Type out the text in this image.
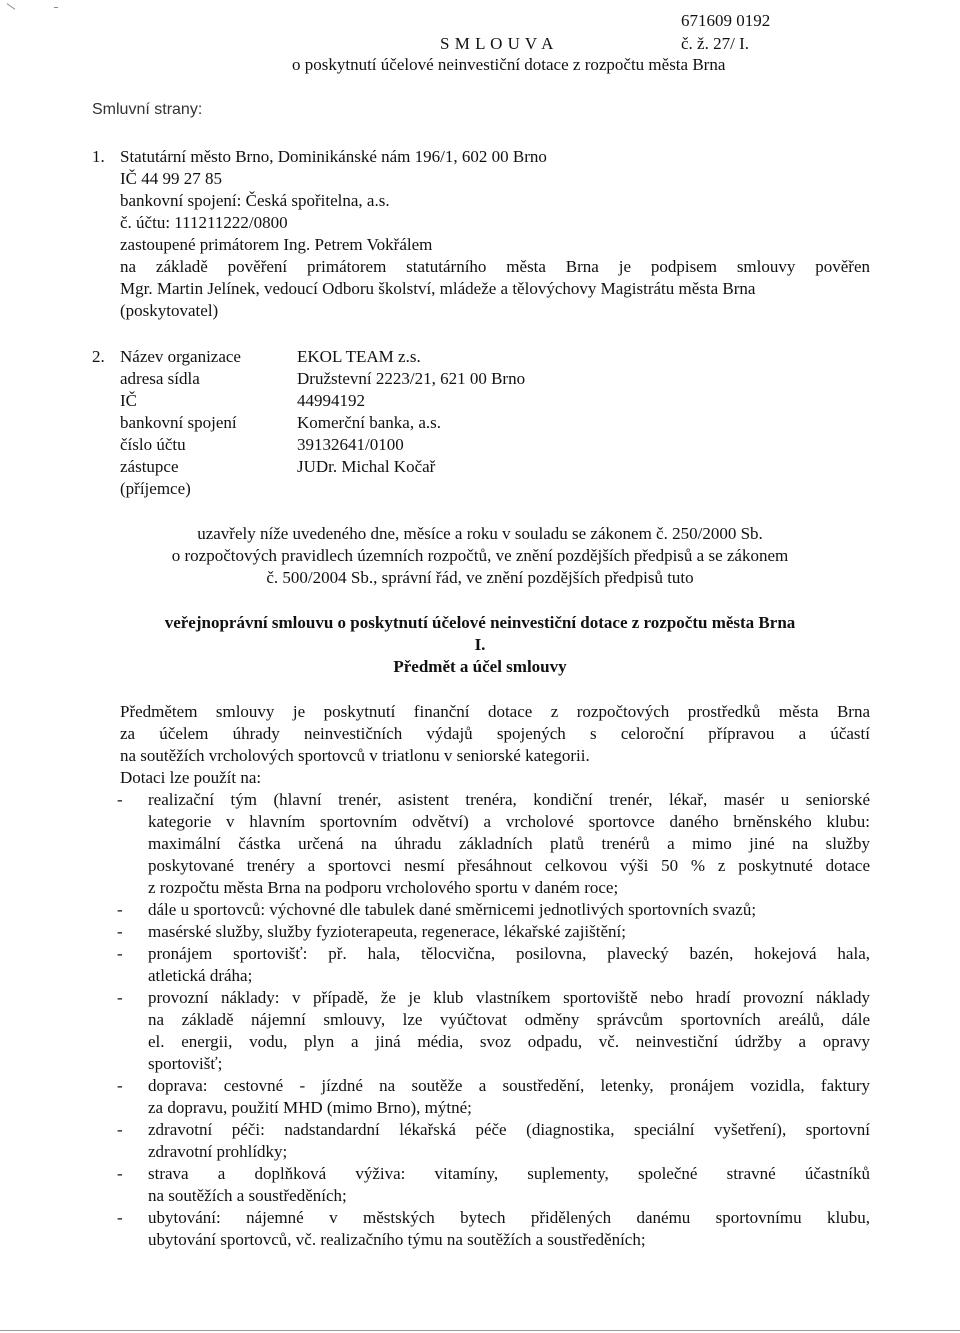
671609 0192
S M L O U V A	č. ž. 27/ I.
o poskytnutí účelové neinvestiční dotace z rozpočtu města Brna
Smluvní strany:
1. Statutární město Brno, Dominikánské nám 196/1, 602 00 Brno
IČ 44 99 27 85
bankovní spojení: Česká spořitelna, a.s.
č. účtu: 111211222/0800
zastoupené primátorem Ing. Petrem Vokřálem
na základě pověření primátorem statutárního města Brna je podpisem smlouvy pověřen
Mgr. Martin Jelínek, vedoucí Odboru školství, mládeže a tělovýchovy Magistrátu města Brna
(poskytovatel)
2. Název organizace	EKOL TEAM z.s.
adresa sídla	Družstevní 2223/21, 621 00 Brno
IČ	44994192
bankovní spojení	Komerční banka, a.s.
číslo účtu	39132641/0100
zástupce	JUDr. Michal Kočař
(příjemce)
uzavřely níže uvedeného dne, měsíce a roku v souladu se zákonem č. 250/2000 Sb.
o rozpočtových pravidlech územních rozpočtů, ve znění pozdějších předpisů a se zákonem
č. 500/2004 Sb., správní řád, ve znění pozdějších předpisů tuto
veřejnoprávní smlouvu o poskytnutí účelové neinvestiční dotace z rozpočtu města Brna
I.
Předmět a účel smlouvy
Předmětem smlouvy je poskytnutí finanční dotace z rozpočtových prostředků města Brna
za účelem úhrady neinvestičních výdajů spojených s celoroční přípravou a účastí
na soutěžích vrcholových sportovců v triatlonu v seniorské kategorii.
Dotaci lze použít na:
- realizační tým (hlavní trenér, asistent trenéra, kondiční trenér, lékař, masér u seniorské
kategorie v hlavním sportovním odvětví) a vrcholové sportovce daného brněnského klubu:
maximální částka určená na úhradu základních platů trenérů a mimo jiné na služby
poskytované trenéry a sportovci nesmí přesáhnout celkovou výši 50 % z poskytnuté dotace
z rozpočtu města Brna na podporu vrcholového sportu v daném roce;
- dále u sportovců: výchovné dle tabulek dané směrnicemi jednotlivých sportovních svazů;
- masérské služby, služby fyzioterapeuta, regenerace, lékařské zajištění;
- pronájem sportovišť: př. hala, tělocvična, posilovna, plavecký bazén, hokejová hala,
atletická dráha;
- provozní náklady: v případě, že je klub vlastníkem sportoviště nebo hradí provozní náklady
na základě nájemní smlouvy, lze vyúčtovat odměny správcům sportovních areálů, dále
el. energii, vodu, plyn a jiná média, svoz odpadu, vč. neinvestiční údržby a opravy
sportovišť;
- doprava: cestovné - jízdné na soutěže a soustředění, letenky, pronájem vozidla, faktury
za dopravu, použití MHD (mimo Brno), mýtné;
- zdravotní péči: nadstandardní lékařská péče (diagnostika, speciální vyšetření), sportovní
zdravotní prohlídky;
- strava a doplňková výživa: vitamíny, suplementy, společné stravné účastníků
na soutěžích a soustředěních;
- ubytování: nájemné v městských bytech přidělených danému sportovnímu klubu,
ubytování sportovců, vč. realizačního týmu na soutěžích a soustředěních;
